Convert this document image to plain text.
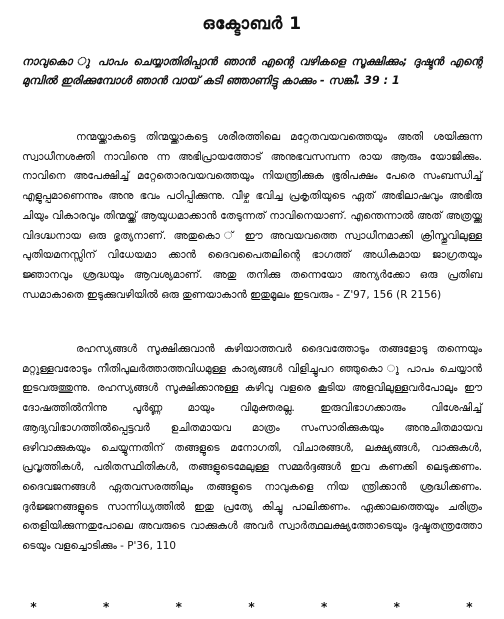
ഒക്ടോബർ 1
നാവുകൊ ു പാപം ചെയ്യാതിരിപ്പാൻ ഞാൻ എന്റെ വഴികളെ സൂക്ഷിക്കും; ദുഷ്ടൻ എന്റെ മുമ്പിൽ ഇരിക്കുമ്പോൾ ഞാൻ വായ് കടി ഞ്ഞാണിട്ടു കാക്കും - സങ്കീ. 39 : 1
നന്മയ്ക്കാകട്ടെ തിന്മയ്ക്കാകട്ടെ ശരീരത്തിലെ മറ്റേതവയവത്തെയും അതി ശയിക്കുന്ന സ്വാധീനശക്തി നാവിനുെ ന്ന അഭിപ്രായത്തോട് അനുഭവസമ്പന്ന രായ ആരും യോജിക്കും. നാവിനെ അപേക്ഷിച്ച് മറ്റേതൊരവയവത്തെയും നിയന്ത്രിക്കുക ഭൂരിപക്ഷം പേരെ സംബന്ധിച്ച് എളുപ്പമാണെന്നും അനു ഭവം പഠിപ്പിക്കുന്നു. വീഴ്ച ഭവിച്ച പ്രകൃതിയുടെ ഏത് അഭിലാഷവും അഭിരു ചിയും വികാരവും തിന്മയ്ക്ക് ആയുധമാക്കാൻ തേടുന്നത് നാവിനെയാണ്. എന്തെന്നാൽ അത് അത്രയ്ക്കു വിദഗ്ദ്ധനായ ഒരു ഭൃത്യനാണ്. അതുകൊ ് ഈ അവയവത്തെ സ്വാധീനമാക്കി ക്രിസ്തുവിലുള്ള പുതിയമനസ്സിന് വിധേയമാ ക്കാൻ ദൈവപൈതലിന്റെ ഭാഗത്ത് അധികമായ ജാഗ്രതയും ജ്ഞാനവും ശ്രദ്ധയും ആവശ്യമാണ്. അതു തനിക്കു തന്നെയോ അന്യർക്കോ ഒരു പ്രതിബ ന്ധമാകാതെ ഇടുക്കുവഴിയിൽ ഒരു തുണയാകാൻ ഇതുമൂലം ഇടവരും - Z'97, 156 (R 2156)
രഹസ്യങ്ങൾ സൂക്ഷിക്കുവാൻ കഴിയാത്തവർ ദൈവത്തോടും തങ്ങളോടു തന്നെയും മറ്റുള്ളവരോടും നീതിപുലർത്താത്തവിധമുള്ള കാര്യങ്ങൾ വിളിച്ചുപറ ഞ്ഞുകൊ ു പാപം ചെയ്യാൻ ഇടവരുത്തുന്നു. രഹസ്യങ്ങൾ സൂക്ഷിക്കാനുള്ള കഴിവു വളരെ കൂടിയ അളവിലുള്ളവർപോലും ഈ ദോഷത്തിൽനിന്നു പൂർണ്ണ മായും വിമുക്തരല്ല. ഇരുവിഭാഗക്കാരും വിശേഷിച്ച് ആദ്യവിഭാഗത്തിൽപ്പെട്ടവർ ഉചിതമായവ മാത്രം സംസാരിക്കുകയും അനുചിതമായവ ഒഴിവാക്കുകയും ചെയ്യുന്നതിന് തങ്ങളുടെ മനോഗതി, വിചാരങ്ങൾ, ലക്ഷ്യങ്ങൾ, വാക്കുകൾ, പ്രവൃത്തികൾ, പരിതസ്ഥിതികൾ, തങ്ങളുടെമേലുള്ള സമ്മർദ്ദങ്ങൾ ഇവ കണക്കി ലെടുക്കണം. ദൈവജനങ്ങൾ ഏതവസരത്തിലും തങ്ങളുടെ നാവുകളെ നിയ ന്ത്രിക്കാൻ ശ്രദ്ധിക്കണം. ദുർജ്ജനങ്ങളുടെ സാന്നിധ്യത്തിൽ ഇതു പ്രത്യേ കിച്ചു പാലിക്കണം. ഏക്കാലത്തെയും ചരിത്രം തെളിയിക്കുന്നതുപോലെ അവരുടെ വാക്കുകൾ അവർ സ്വാർത്ഥലക്ഷ്യത്തോടെയും ദുഷ്ടതന്ത്രത്തോ ടെയും വളച്ചൊടിക്കും - P'36, 110
*	*	*	*	*	*	*
